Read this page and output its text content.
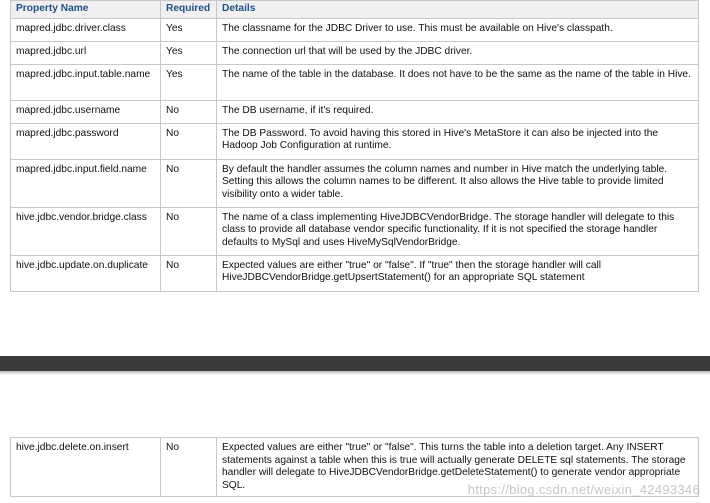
Property Name	Required	Details
mapred.jdbc.driver.class	Yes	The classname for the JDBC Driver to use. This must be available on Hive's classpath.
mapred.jdbc.url	Yes	The connection url that will be used by the JDBC driver.
mapred.jdbc.input.table.name	Yes	The name of the table in the database. It does not have to be the same as the name of the table in Hive.
mapred.jdbc.username	No	The DB username, if it's required.
mapred.jdbc.password	No	The DB Password. To avoid having this stored in Hive's MetaStore it can also be injected into the Hadoop Job Configuration at runtime.
mapred.jdbc.input.field.name	No	By default the handler assumes the column names and number in Hive match the underlying table. Setting this allows the column names to be different. It also allows the Hive table to provide limited visibility onto a wider table.
hive.jdbc.vendor.bridge.class	No	The name of a class implementing HiveJDBCVendorBridge. The storage handler will delegate to this class to provide all database vendor specific functionality. If it is not specified the storage handler defaults to MySql and uses HiveMySqlVendorBridge.
hive.jdbc.update.on.duplicate	No	Expected values are either "true" or "false". If "true" then the storage handler will call HiveJDBCVendorBridge.getUpsertStatement() for an appropriate SQL statement
hive.jdbc.delete.on.insert	No	Expected values are either "true" or "false". This turns the table into a deletion target. Any INSERT statements against a table when this is true will actually generate DELETE sql statements. The storage handler will delegate to HiveJDBCVendorBridge.getDeleteStatement() to generate vendor appropriate SQL.	https://blog.csdn.net/weixin_42493346
